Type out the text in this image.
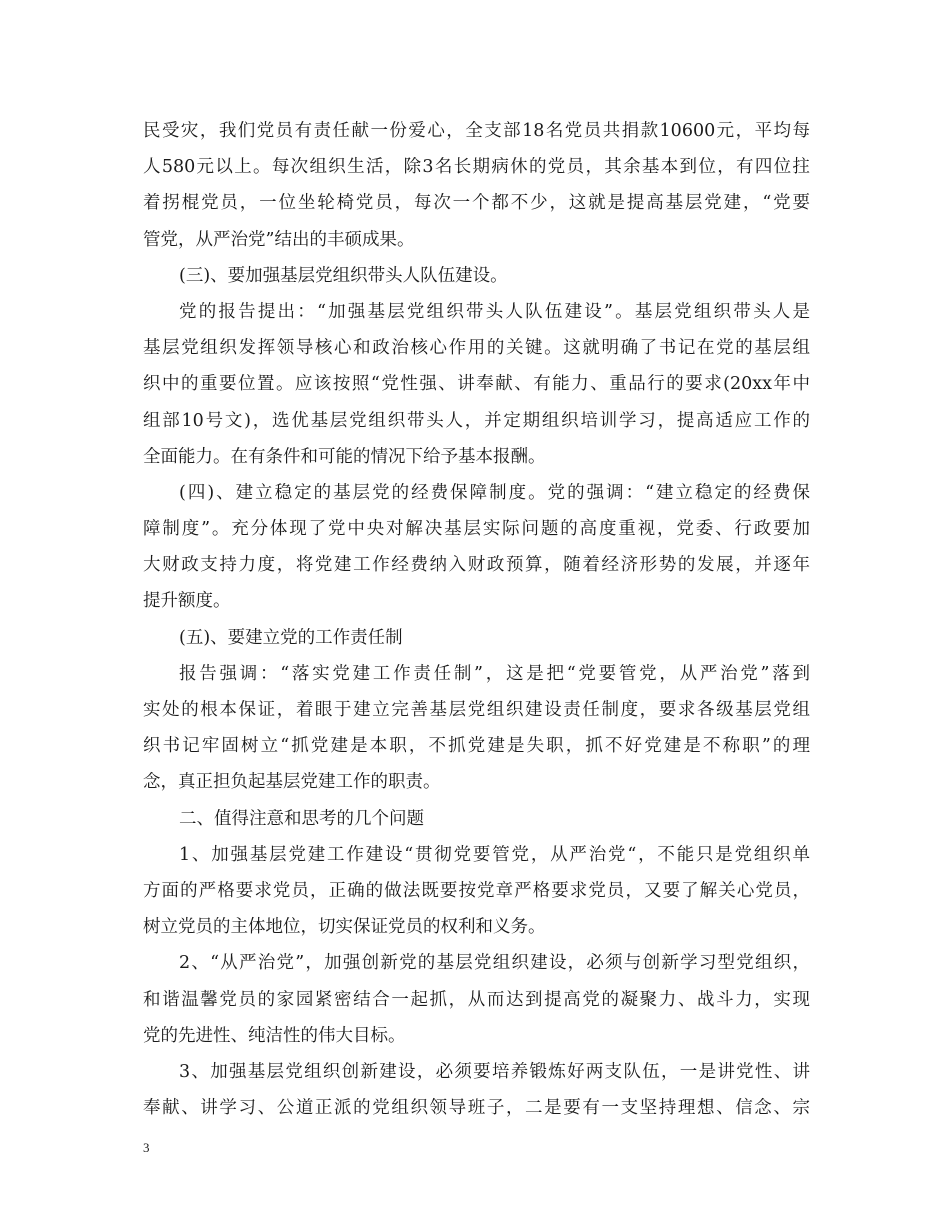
民受灾，我们党员有责任献一份爱心，全支部18名党员共捐款10600元，平均每
人580元以上。每次组织生活，除3名长期病休的党员，其余基本到位，有四位拄
着拐棍党员，一位坐轮椅党员，每次一个都不少，这就是提高基层党建，“党要
管党，从严治党”结出的丰硕成果。
(三)、要加强基层党组织带头人队伍建设。
党的报告提出：“加强基层党组织带头人队伍建设”。基层党组织带头人是
基层党组织发挥领导核心和政治核心作用的关键。这就明确了书记在党的基层组
织中的重要位置。应该按照“党性强、讲奉献、有能力、重品行的要求(20xx年中
组部10号文)，选优基层党组织带头人，并定期组织培训学习，提高适应工作的
全面能力。在有条件和可能的情况下给予基本报酬。
(四)、建立稳定的基层党的经费保障制度。党的强调：“建立稳定的经费保
障制度”。充分体现了党中央对解决基层实际问题的高度重视，党委、行政要加
大财政支持力度，将党建工作经费纳入财政预算，随着经济形势的发展，并逐年
提升额度。
(五)、要建立党的工作责任制
报告强调：“落实党建工作责任制”，这是把“党要管党，从严治党”落到
实处的根本保证，着眼于建立完善基层党组织建设责任制度，要求各级基层党组
织书记牢固树立“抓党建是本职，不抓党建是失职，抓不好党建是不称职”的理
念，真正担负起基层党建工作的职责。
二、值得注意和思考的几个问题
1、加强基层党建工作建设“贯彻党要管党，从严治党“，不能只是党组织单
方面的严格要求党员，正确的做法既要按党章严格要求党员，又要了解关心党员，
树立党员的主体地位，切实保证党员的权利和义务。
2、“从严治党”，加强创新党的基层党组织建设，必须与创新学习型党组织，
和谐温馨党员的家园紧密结合一起抓，从而达到提高党的凝聚力、战斗力，实现
党的先进性、纯洁性的伟大目标。
3、加强基层党组织创新建设，必须要培养锻炼好两支队伍，一是讲党性、讲
奉献、讲学习、公道正派的党组织领导班子，二是要有一支坚持理想、信念、宗
3
